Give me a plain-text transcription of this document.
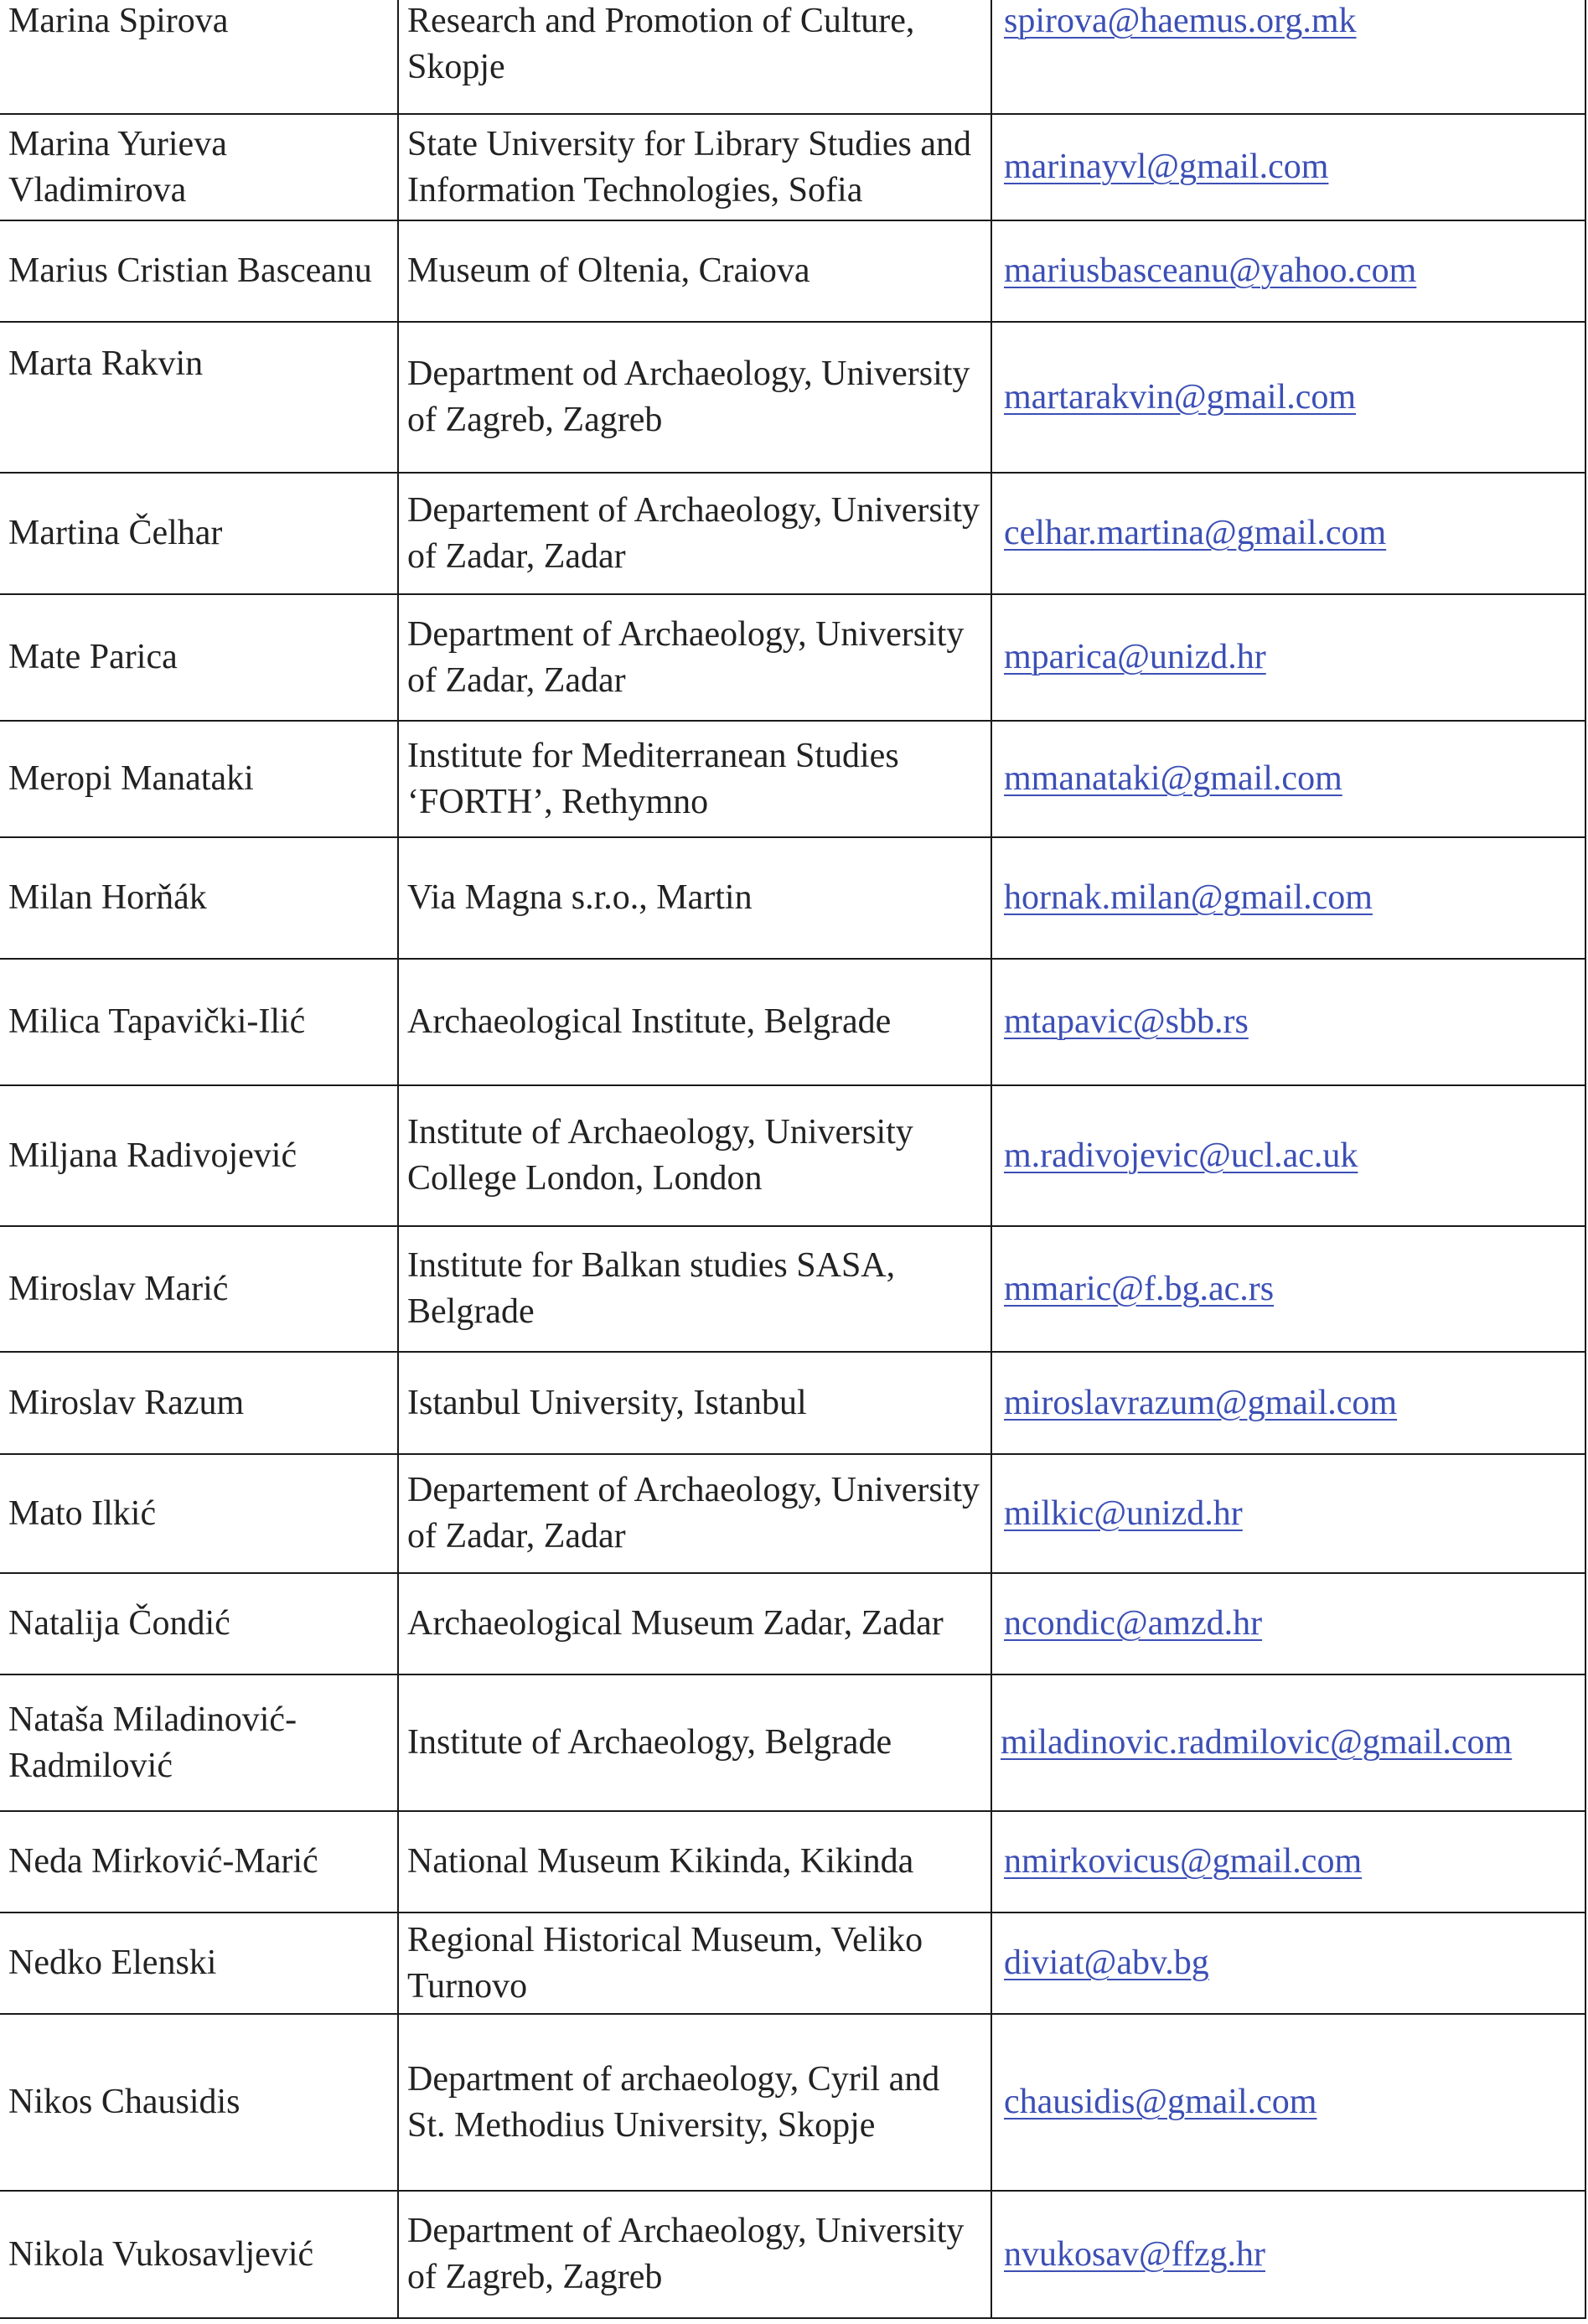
Marina Spirova	Research and Promotion of Culture, Skopje	spirova@haemus.org.mk
Marina Yurieva Vladimirova	State University for Library Studies and Information Technologies, Sofia	marinayvl@gmail.com
Marius Cristian Basceanu	Museum of Oltenia, Craiova	mariusbasceanu@yahoo.com
Marta Rakvin	Department od Archaeology, University of Zagreb, Zagreb	martarakvin@gmail.com
Martina Čelhar	Departement of Archaeology, University of Zadar, Zadar	celhar.martina@gmail.com
Mate Parica	Department of Archaeology, University of Zadar, Zadar	mparica@unizd.hr
Meropi Manataki	Institute for Mediterranean Studies ‘FORTH’, Rethymno	mmanataki@gmail.com
Milan Horňák	Via Magna s.r.o., Martin	hornak.milan@gmail.com
Milica Tapavički-Ilić	Archaeological Institute, Belgrade	mtapavic@sbb.rs
Miljana Radivojević	Institute of Archaeology, University College London, London	m.radivojevic@ucl.ac.uk
Miroslav Marić	Institute for Balkan studies SASA, Belgrade	mmaric@f.bg.ac.rs
Miroslav Razum	Istanbul University, Istanbul	miroslavrazum@gmail.com
Mato Ilkić	Departement of Archaeology, University of Zadar, Zadar	milkic@unizd.hr
Natalija Čondić	Archaeological Museum Zadar, Zadar	ncondic@amzd.hr
Nataša Miladinović-Radmilović	Institute of Archaeology, Belgrade	miladinovic.radmilovic@gmail.com
Neda Mirković-Marić	National Museum Kikinda, Kikinda	nmirkovicus@gmail.com
Nedko Elenski	Regional Historical Museum, Veliko Turnovo	diviat@abv.bg
Nikos Chausidis	Department of archaeology, Cyril and St. Methodius University, Skopje	chausidis@gmail.com
Nikola Vukosavljević	Department of Archaeology, University of Zagreb, Zagreb	nvukosav@ffzg.hr
